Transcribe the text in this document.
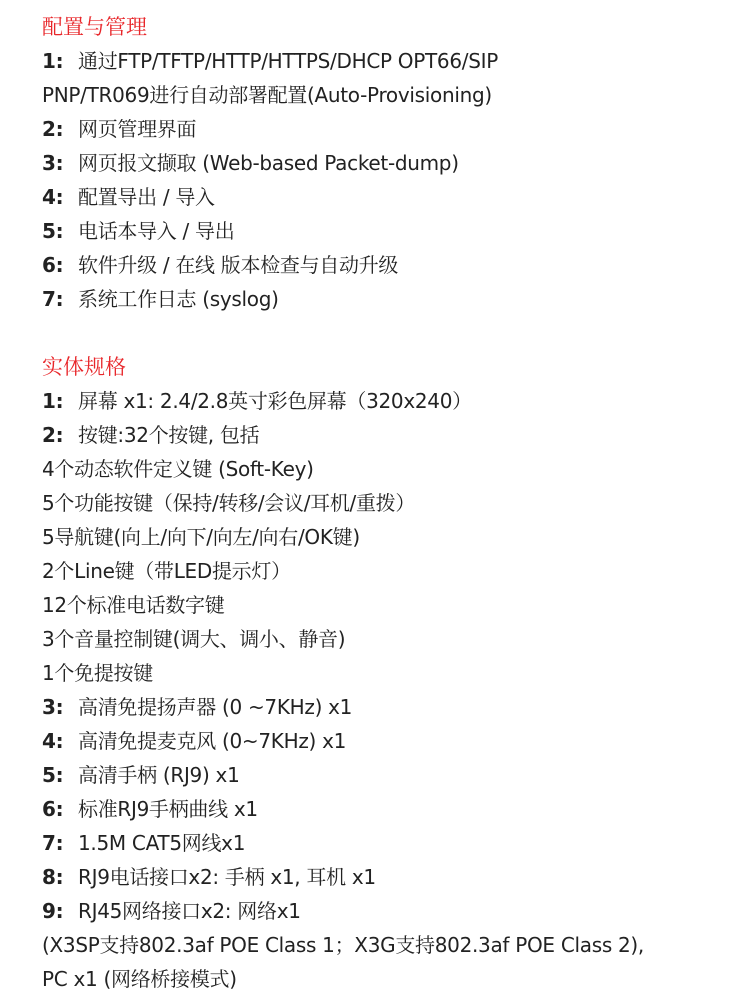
配置与管理
1: 通过FTP/TFTP/HTTP/HTTPS/DHCP OPT66/SIP
PNP/TR069进行自动部署配置(Auto-Provisioning)
2: 网页管理界面
3: 网页报文撷取 (Web-based Packet-dump)
4: 配置导出 / 导入
5: 电话本导入 / 导出
6: 软件升级 / 在线 版本检查与自动升级
7: 系统工作日志 (syslog)
实体规格
1: 屏幕 x1: 2.4/2.8英寸彩色屏幕（320x240）
2: 按键:32个按键, 包括
4个动态软件定义键 (Soft-Key)
5个功能按键（保持/转移/会议/耳机/重拨）
5导航键(向上/向下/向左/向右/OK键)
2个Line键（带LED提示灯）
12个标准电话数字键
3个音量控制键(调大、调小、静音)
1个免提按键
3: 高清免提扬声器 (0 ~7KHz) x1
4: 高清免提麦克风 (0~7KHz) x1
5: 高清手柄 (RJ9) x1
6: 标准RJ9手柄曲线 x1
7: 1.5M CAT5网线x1
8: RJ9电话接口x2: 手柄 x1, 耳机 x1
9: RJ45网络接口x2: 网络x1
(X3SP支持802.3af POE Class 1；X3G支持802.3af POE Class 2),
PC x1 (网络桥接模式)
